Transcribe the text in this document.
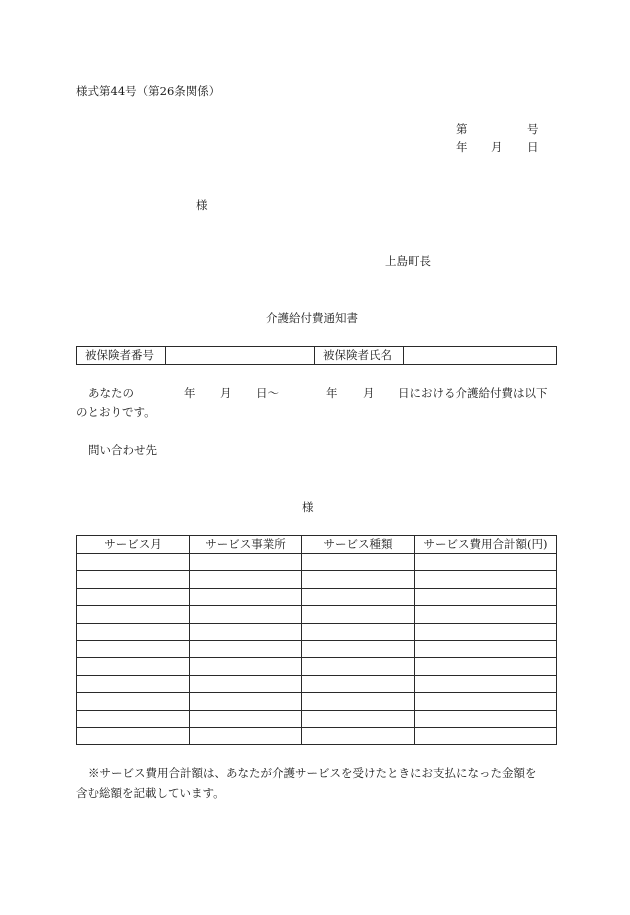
様式第44号（第26条関係）
第	号
年 月 日
様
上島町長
介護給付費通知書
被保険者番号		被保険者氏名	
あなたの	年 月 日～	年 月 日における介護給付費は以下
のとおりです。
問い合わせ先
様
サービス月	サービス事業所	サービス種類	サービス費用合計額(円)

※サービス費用合計額は、あなたが介護サービスを受けたときにお支払になった金額を
含む総額を記載しています。
